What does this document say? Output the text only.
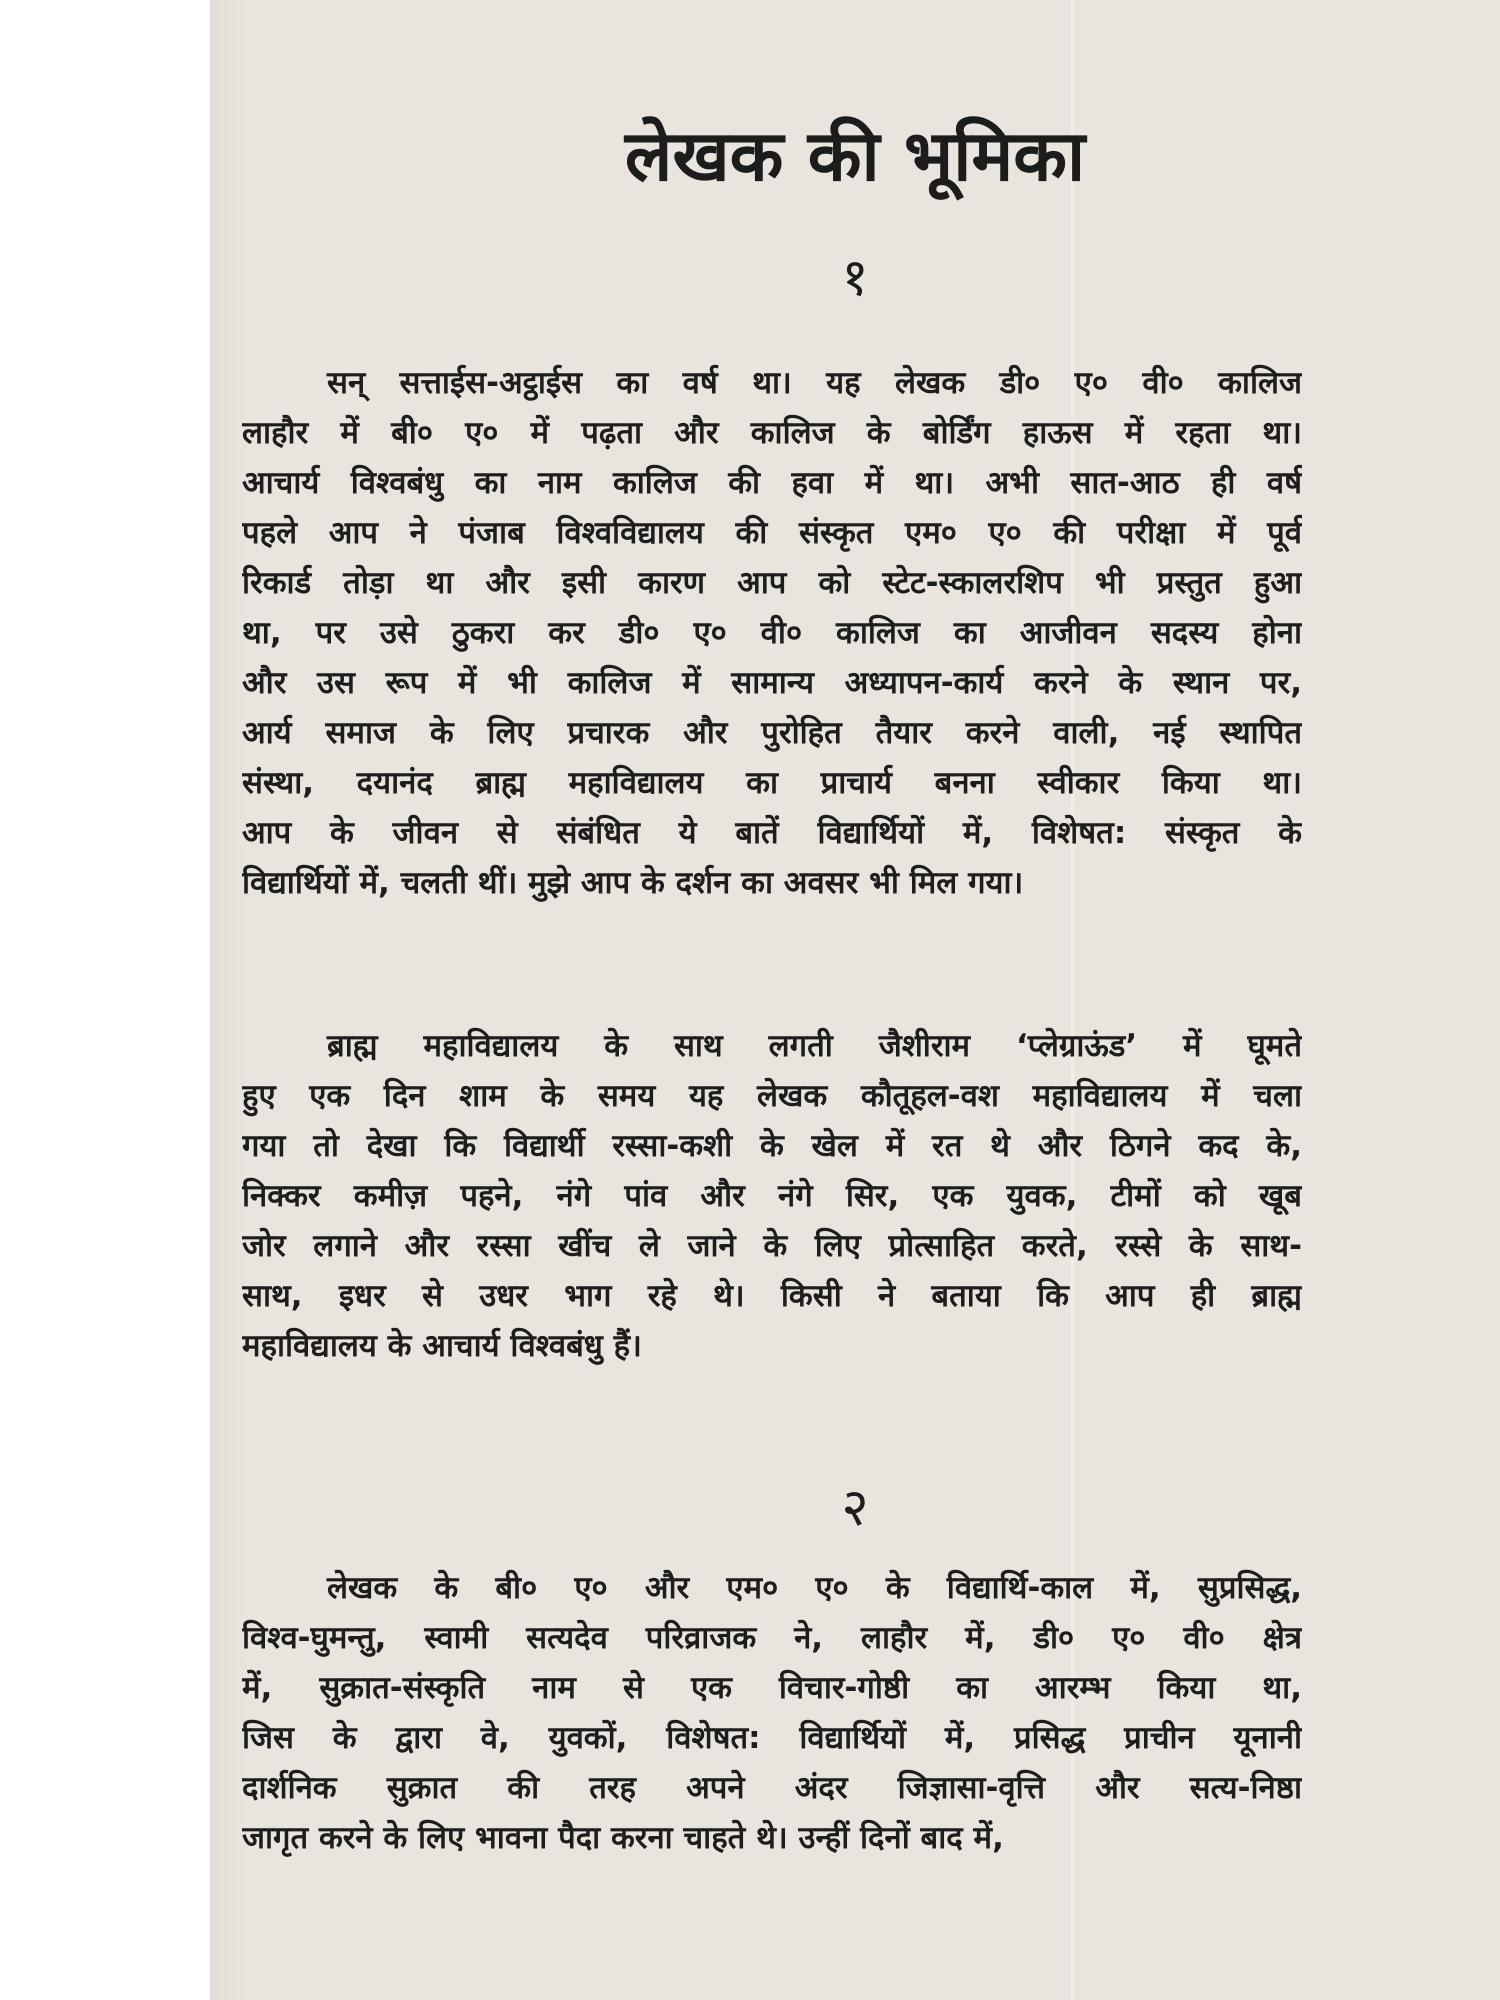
लेखक की भूमिका
१
सन् सत्ताईस-अट्ठाईस का वर्ष था। यह लेखक डी० ए० वी० कालिज
लाहौर में बी० ए० में पढ़ता और कालिज के बोर्डिंग हाऊस में रहता था।
आचार्य विश्वबंधु का नाम कालिज की हवा में था। अभी सात-आठ ही वर्ष
पहले आप ने पंजाब विश्वविद्यालय की संस्कृत एम० ए० की परीक्षा में पूर्व
रिकार्ड तोड़ा था और इसी कारण आप को स्टेट-स्कालरशिप भी प्रस्तुत हुआ
था, पर उसे ठुकरा कर डी० ए० वी० कालिज का आजीवन सदस्य होना
और उस रूप में भी कालिज में सामान्य अध्यापन-कार्य करने के स्थान पर,
आर्य समाज के लिए प्रचारक और पुरोहित तैयार करने वाली, नई स्थापित
संस्था, दयानंद ब्राह्म महाविद्यालय का प्राचार्य बनना स्वीकार किया था।
आप के जीवन से संबंधित ये बातें विद्यार्थियों में, विशेषत: संस्कृत के
विद्यार्थियों में, चलती थीं। मुझे आप के दर्शन का अवसर भी मिल गया।
ब्राह्म महाविद्यालय के साथ लगती जैशीराम ‘प्लेग्राऊंड’ में घूमते
हुए एक दिन शाम के समय यह लेखक कौतूहल-वश महाविद्यालय में चला
गया तो देखा कि विद्यार्थी रस्सा-कशी के खेल में रत थे और ठिगने कद के,
निक्कर कमीज़ पहने, नंगे पांव और नंगे सिर, एक युवक, टीमों को खूब
जोर लगाने और रस्सा खींच ले जाने के लिए प्रोत्साहित करते, रस्से के साथ-
साथ, इधर से उधर भाग रहे थे। किसी ने बताया कि आप ही ब्राह्म
महाविद्यालय के आचार्य विश्वबंधु हैं।
२
लेखक के बी० ए० और एम० ए० के विद्यार्थि-काल में, सुप्रसिद्ध,
विश्व-घुमन्तु, स्वामी सत्यदेव परिव्राजक ने, लाहौर में, डी० ए० वी० क्षेत्र
में, सुक्रात-संस्कृति नाम से एक विचार-गोष्ठी का आरम्भ किया था,
जिस के द्वारा वे, युवकों, विशेषत: विद्यार्थियों में, प्रसिद्ध प्राचीन यूनानी
दार्शनिक सुक्रात की तरह अपने अंदर जिज्ञासा-वृत्ति और सत्य-निष्ठा
जागृत करने के लिए भावना पैदा करना चाहते थे। उन्हीं दिनों बाद में,
